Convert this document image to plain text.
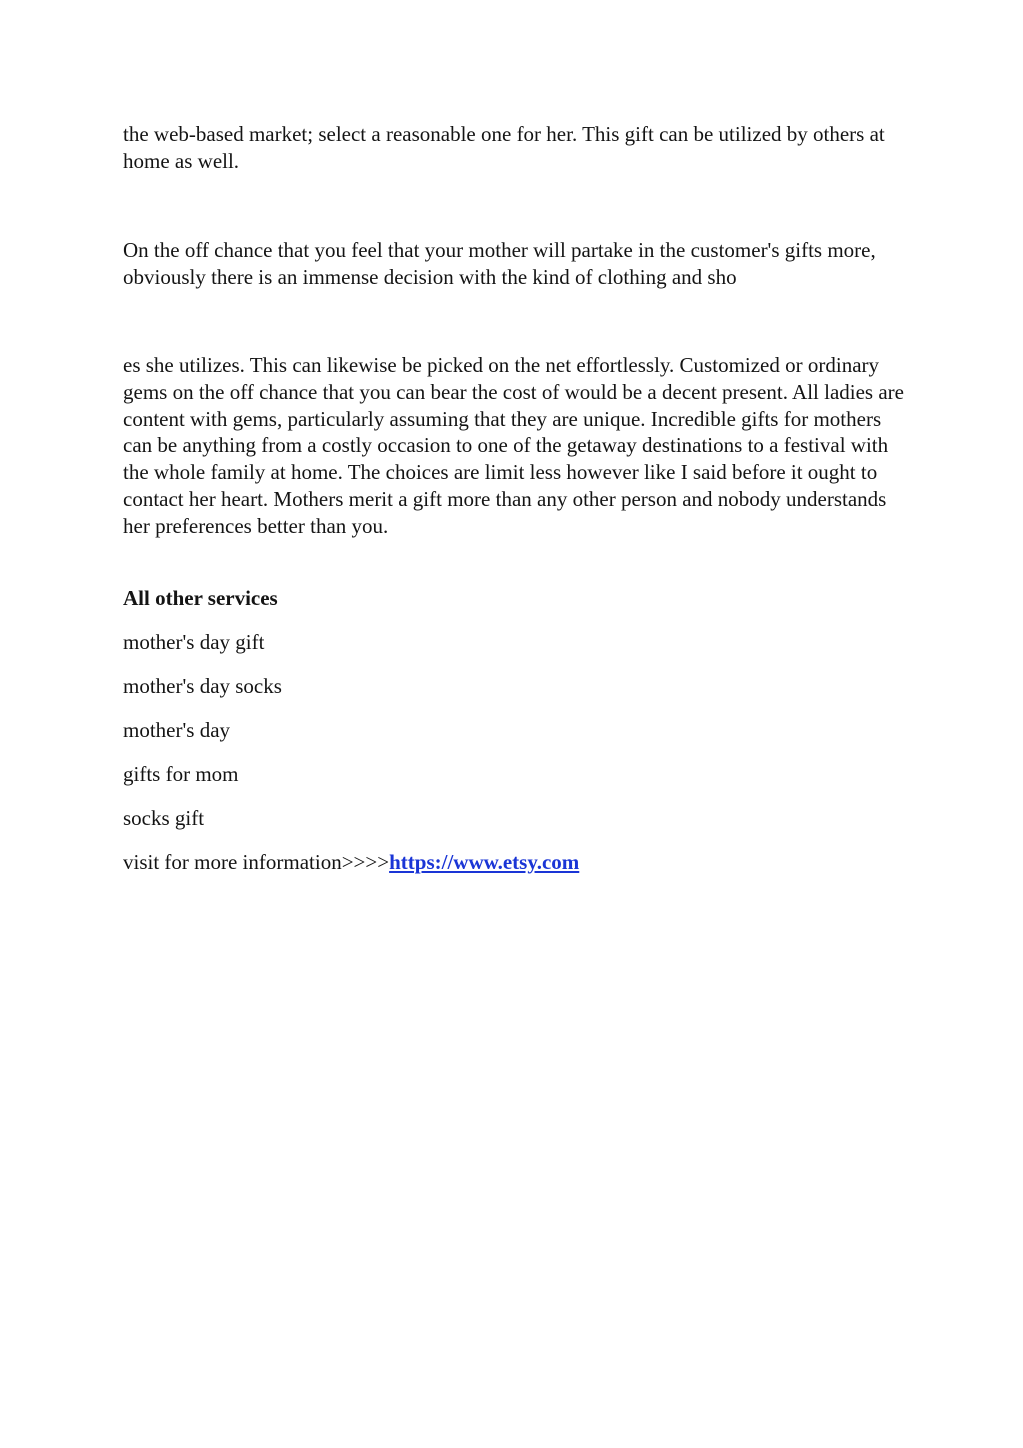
the web-based market; select a reasonable one for her. This gift can be utilized by others at home as well.
On the off chance that you feel that your mother will partake in the customer's gifts more, obviously there is an immense decision with the kind of clothing and sho
es she utilizes. This can likewise be picked on the net effortlessly. Customized or ordinary gems on the off chance that you can bear the cost of would be a decent present. All ladies are content with gems, particularly assuming that they are unique. Incredible gifts for mothers can be anything from a costly occasion to one of the getaway destinations to a festival with the whole family at home. The choices are limit less however like I said before it ought to contact her heart. Mothers merit a gift more than any other person and nobody understands her preferences better than you.
All other services
mother's day gift
mother's day socks
mother's day
gifts for mom
socks gift
visit for more information>>>>https://www.etsy.com
